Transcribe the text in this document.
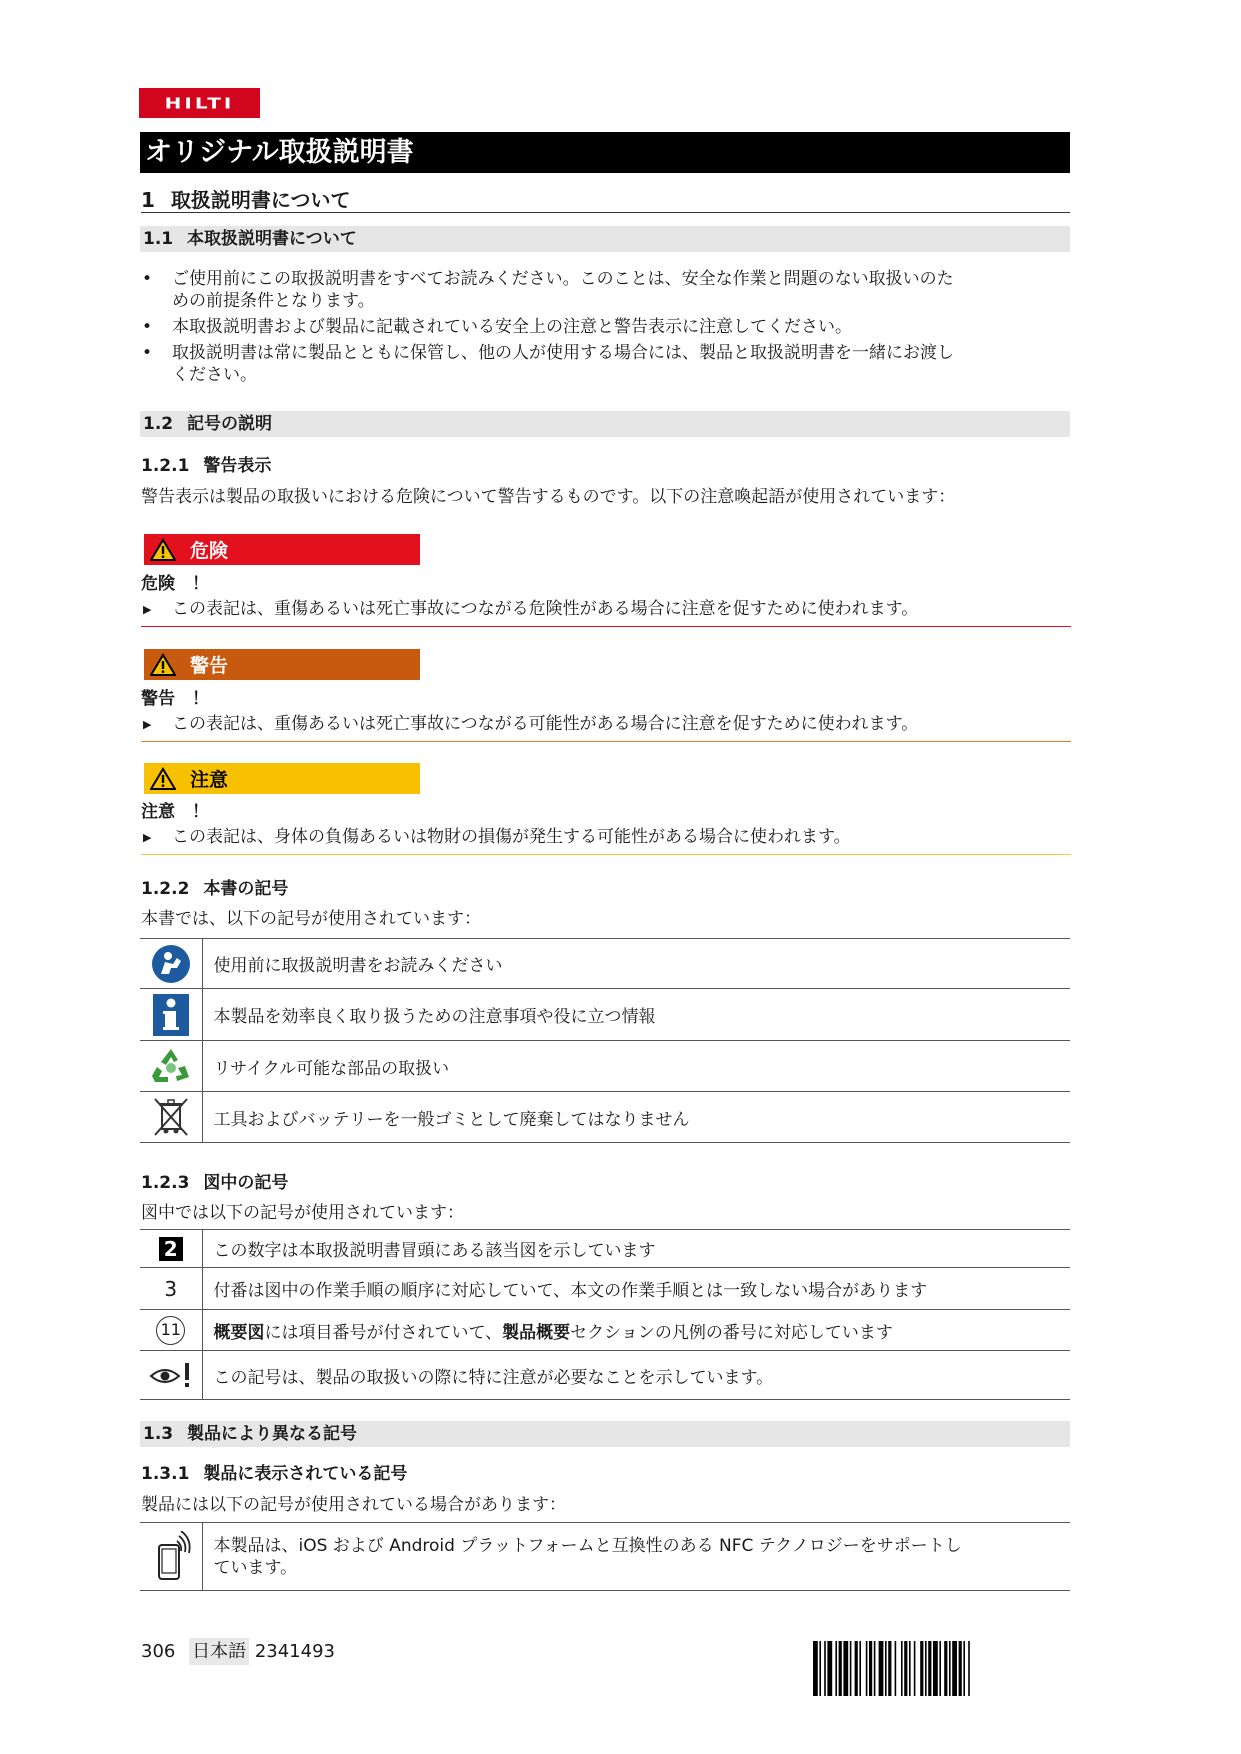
HILTI
オリジナル取扱説明書
1 取扱説明書について
1.1 本取扱説明書について
• ご使用前にこの取扱説明書をすべてお読みください。このことは、安全な作業と問題のない取扱いのた
めの前提条件となります。
• 本取扱説明書および製品に記載されている安全上の注意と警告表示に注意してください。
• 取扱説明書は常に製品とともに保管し、他の人が使用する場合には、製品と取扱説明書を一緒にお渡し
ください。
1.2 記号の説明
1.2.1 警告表示
警告表示は製品の取扱いにおける危険について警告するものです。以下の注意喚起語が使用されています：
危険
危険　！
▶ この表記は、重傷あるいは死亡事故につながる危険性がある場合に注意を促すために使われます。
警告
警告　！
▶ この表記は、重傷あるいは死亡事故につながる可能性がある場合に注意を促すために使われます。
注意
注意　！
▶ この表記は、身体の負傷あるいは物財の損傷が発生する可能性がある場合に使われます。
1.2.2 本書の記号
本書では、以下の記号が使用されています：
	使用前に取扱説明書をお読みください

	本製品を効率良く取り扱うための注意事項や役に立つ情報

	リサイクル可能な部品の取扱い

	工具およびバッテリーを一般ゴミとして廃棄してはなりません
1.2.3 図中の記号
図中では以下の記号が使用されています：
2	この数字は本取扱説明書冒頭にある該当図を示しています
3	付番は図中の作業手順の順序に対応していて、本文の作業手順とは一致しない場合があります
11	概要図には項目番号が付されていて、製品概要セクションの凡例の番号に対応しています

	この記号は、製品の取扱いの際に特に注意が必要なことを示しています。
1.3 製品により異なる記号
1.3.1 製品に表示されている記号
製品には以下の記号が使用されている場合があります：
	本製品は、iOS および Android プラットフォームと互換性のある NFC テクノロジーをサポートし
ています。
306 日本語 2341493
